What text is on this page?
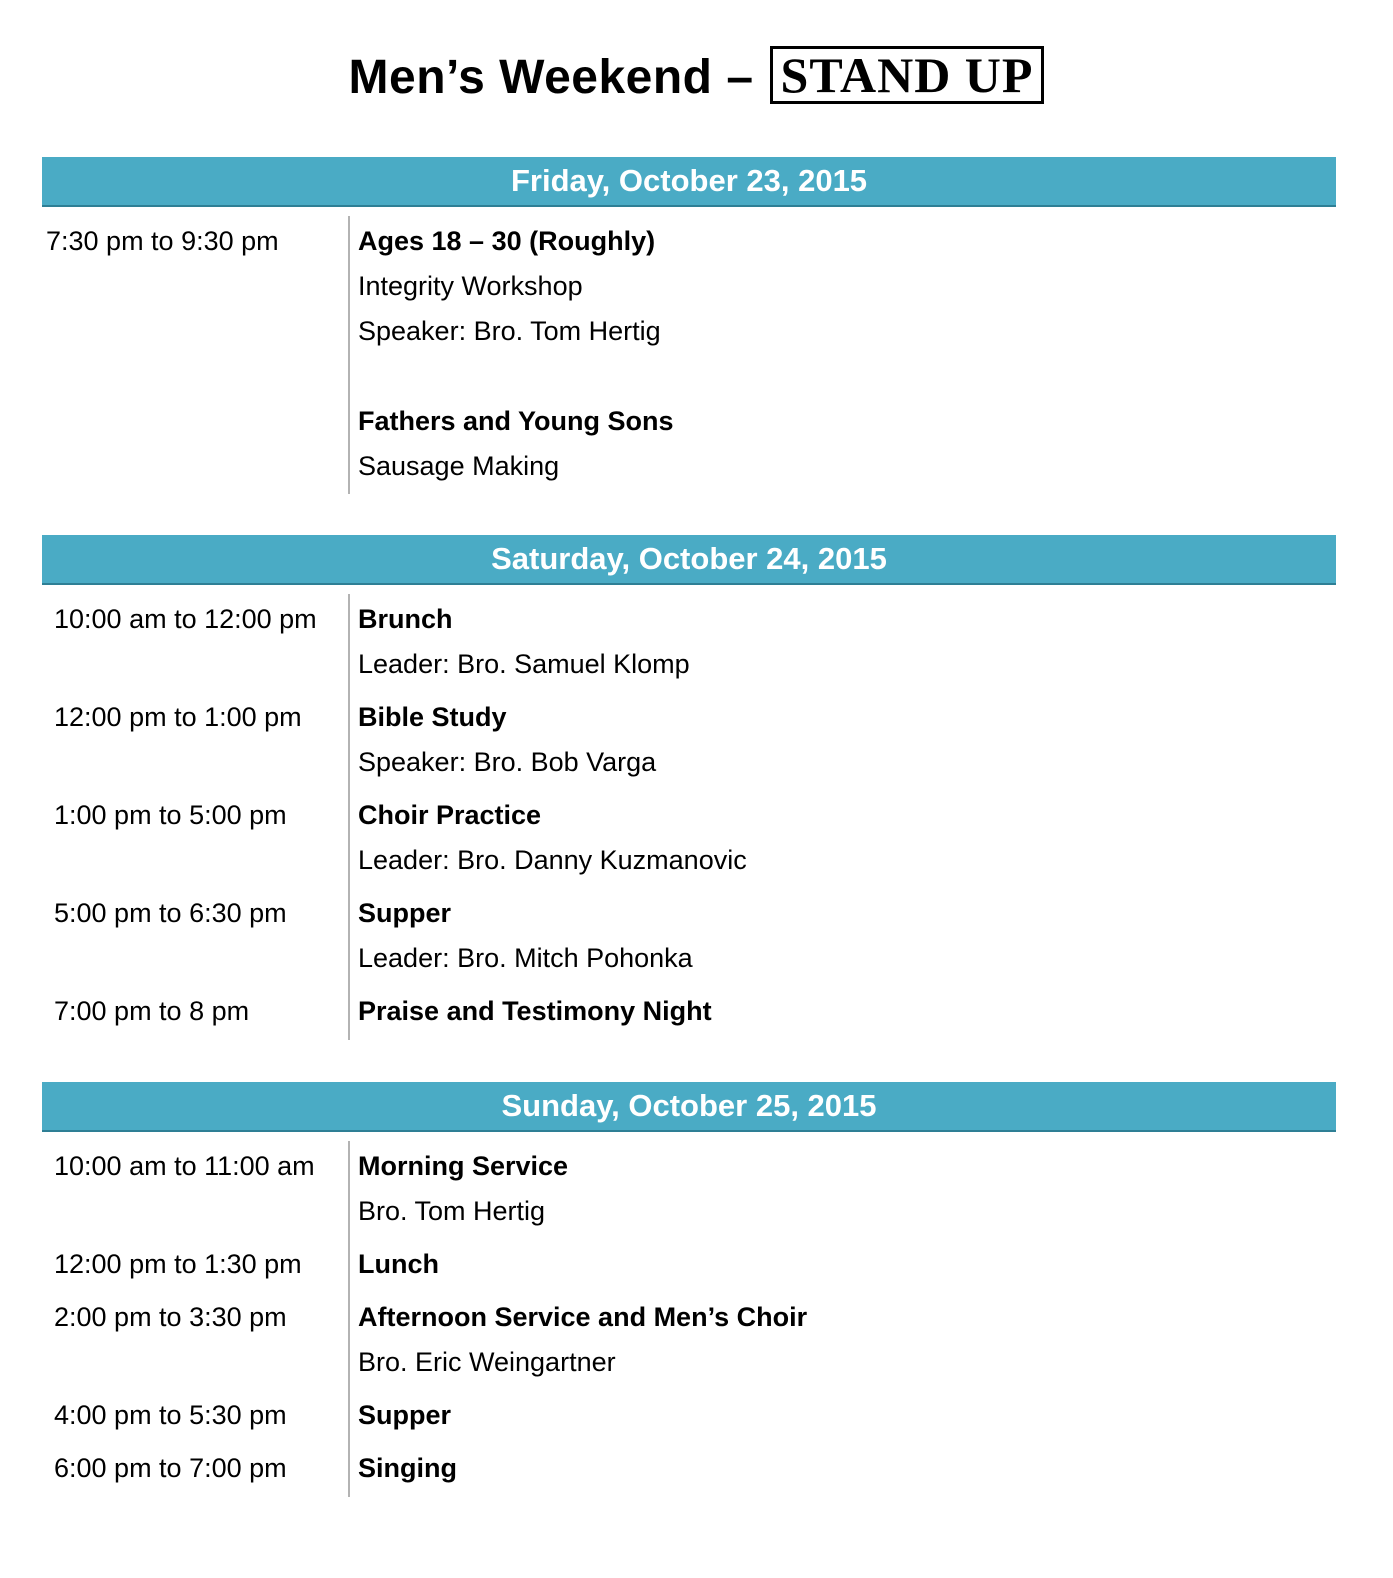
Men’s Weekend – STAND UP
Friday, October 23, 2015
7:30 pm to 9:30 pm	Ages 18 – 30 (Roughly)
Integrity Workshop
Speaker: Bro. Tom Hertig
Fathers and Young Sons
Sausage Making
Saturday, October 24, 2015
10:00 am to 12:00 pm Brunch
Leader: Bro. Samuel Klomp
12:00 pm to 1:00 pm Bible Study
Speaker: Bro. Bob Varga
1:00 pm to 5:00 pm	Choir Practice
Leader: Bro. Danny Kuzmanovic
5:00 pm to 6:30 pm	Supper
Leader: Bro. Mitch Pohonka
7:00 pm to 8 pm	Praise and Testimony Night
Sunday, October 25, 2015
10:00 am to 11:00 am Morning Service
Bro. Tom Hertig
12:00 pm to 1:30 pm Lunch
2:00 pm to 3:30 pm	Afternoon Service and Men’s Choir
Bro. Eric Weingartner
4:00 pm to 5:30 pm	Supper
6:00 pm to 7:00 pm	Singing
